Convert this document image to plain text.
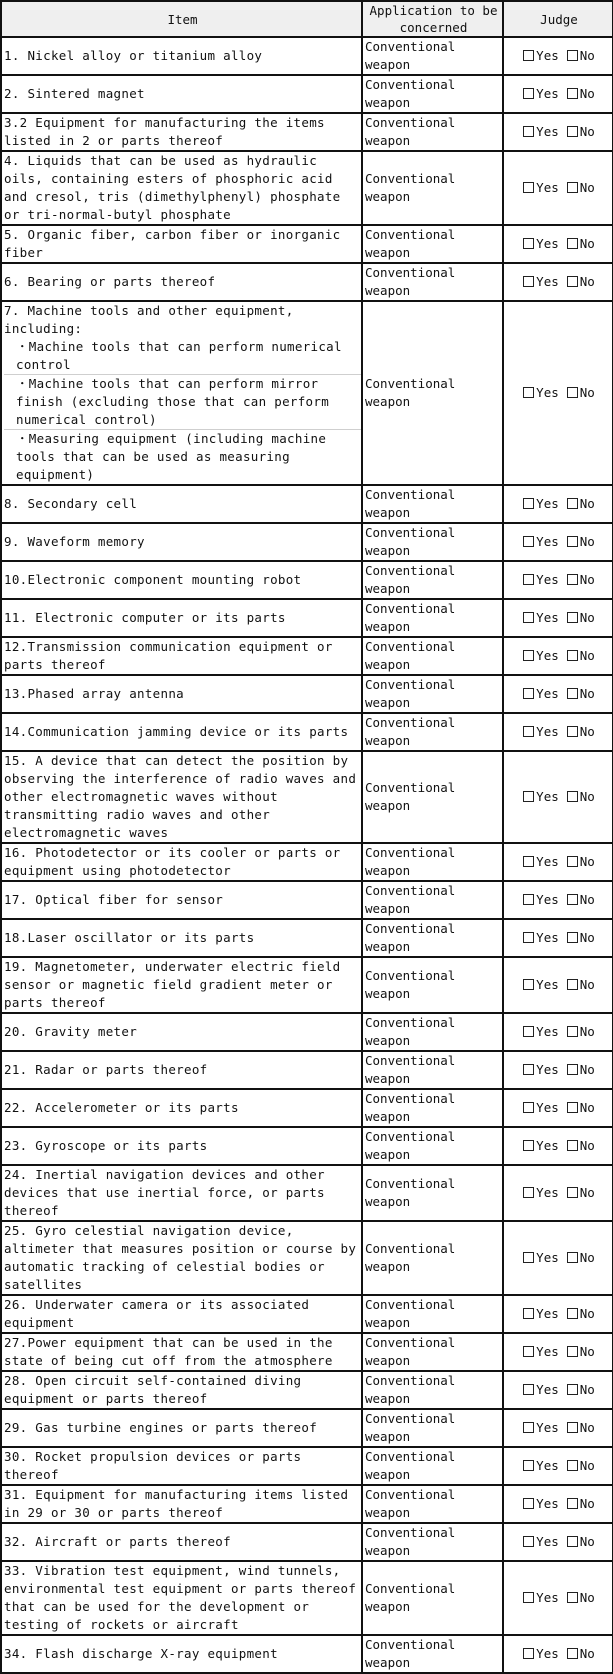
Item	Application to be concerned	Judge
1. Nickel alloy or titanium alloy	Conventional weapon	Yes No
2. Sintered magnet	Conventional weapon	Yes No
3.2 Equipment for manufacturing the items listed in 2 or parts thereof	Conventional weapon	Yes No
4. Liquids that can be used as hydraulic oils, containing esters of phosphoric acid and cresol, tris (dimethylphenyl) phosphate or tri-normal-butyl phosphate	Conventional weapon	Yes No
5. Organic fiber, carbon fiber or inorganic fiber	Conventional weapon	Yes No
6. Bearing or parts thereof	Conventional weapon	Yes No

7. Machine tools and other equipment, including:
・Machine tools that can perform numerical control
・Machine tools that can perform mirror finish (excluding those that can perform numerical control)
・Measuring equipment (including machine tools that can be used as measuring equipment)	Conventional weapon	Yes No
8. Secondary cell	Conventional weapon	Yes No
9. Waveform memory	Conventional weapon	Yes No
10.Electronic component mounting robot	Conventional weapon	Yes No
11. Electronic computer or its parts	Conventional weapon	Yes No
12.Transmission communication equipment or parts thereof	Conventional weapon	Yes No
13.Phased array antenna	Conventional weapon	Yes No
14.Communication jamming device or its parts	Conventional weapon	Yes No
15. A device that can detect the position by observing the interference of radio waves and other electromagnetic waves without transmitting radio waves and other electromagnetic waves	Conventional weapon	Yes No
16. Photodetector or its cooler or parts or equipment using photodetector	Conventional weapon	Yes No
17. Optical fiber for sensor	Conventional weapon	Yes No
18.Laser oscillator or its parts	Conventional weapon	Yes No
19. Magnetometer, underwater electric field sensor or magnetic field gradient meter or parts thereof	Conventional weapon	Yes No
20. Gravity meter	Conventional weapon	Yes No
21. Radar or parts thereof	Conventional weapon	Yes No
22. Accelerometer or its parts	Conventional weapon	Yes No
23. Gyroscope or its parts	Conventional weapon	Yes No
24. Inertial navigation devices and other devices that use inertial force, or parts thereof	Conventional weapon	Yes No
25. Gyro celestial navigation device, altimeter that measures position or course by automatic tracking of celestial bodies or satellites	Conventional weapon	Yes No
26. Underwater camera or its associated equipment	Conventional weapon	Yes No
27.Power equipment that can be used in the state of being cut off from the atmosphere	Conventional weapon	Yes No
28. Open circuit self-contained diving equipment or parts thereof	Conventional weapon	Yes No
29. Gas turbine engines or parts thereof	Conventional weapon	Yes No
30. Rocket propulsion devices or parts thereof	Conventional weapon	Yes No
31. Equipment for manufacturing items listed in 29 or 30 or parts thereof	Conventional weapon	Yes No
32. Aircraft or parts thereof	Conventional weapon	Yes No
33. Vibration test equipment, wind tunnels, environmental test equipment or parts thereof that can be used for the development or testing of rockets or aircraft	Conventional weapon	Yes No
34. Flash discharge X-ray equipment	Conventional weapon	Yes No
